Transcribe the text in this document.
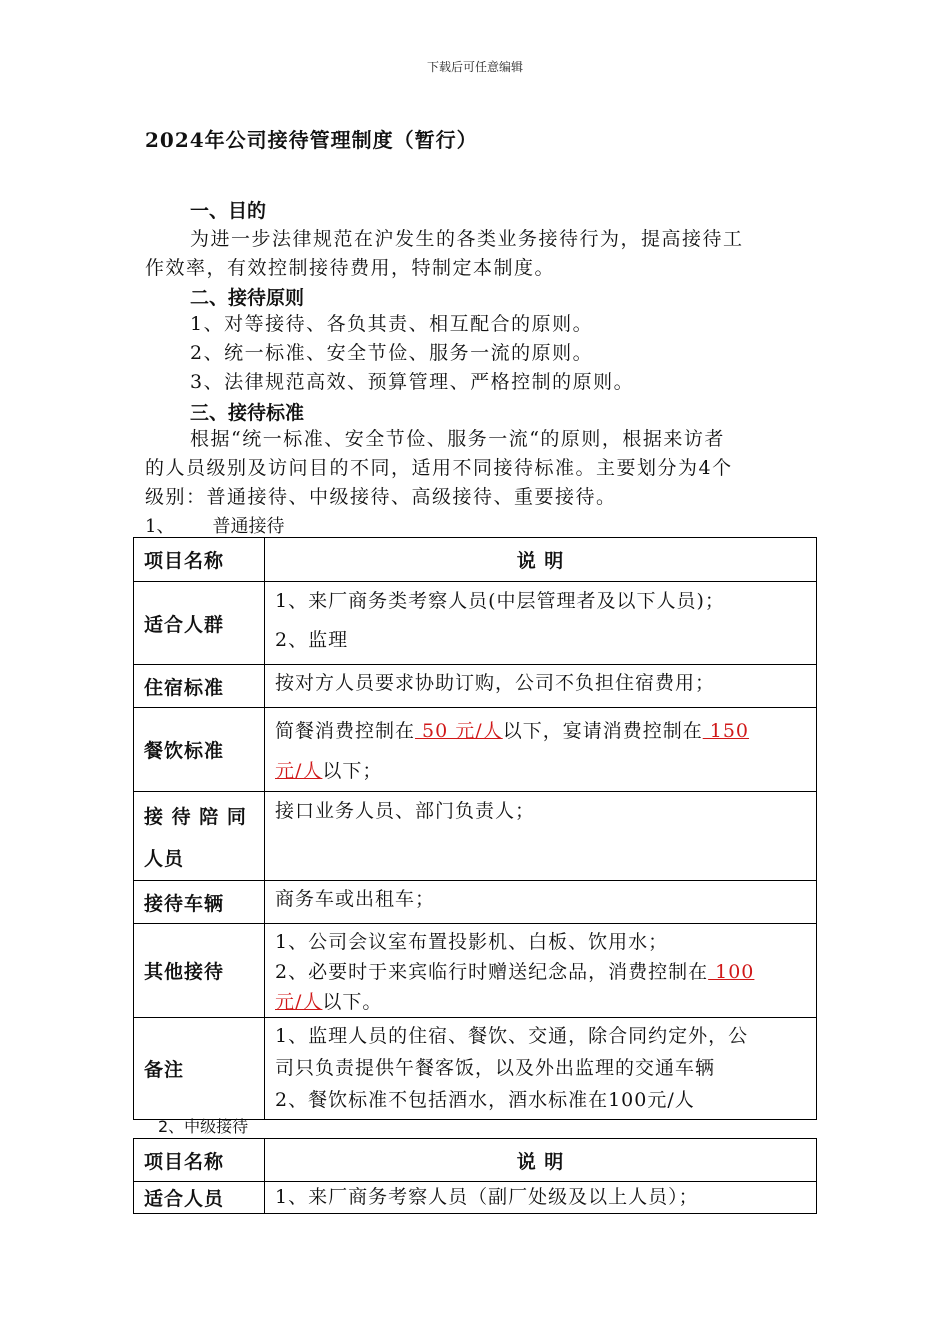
下载后可任意编辑
2024年公司接待管理制度（暂行）
一、目的
为进一步法律规范在沪发生的各类业务接待行为，提高接待工
作效率，有效控制接待费用，特制定本制度。
二、接待原则
1、对等接待、各负其责、相互配合的原则。
2、统一标准、安全节俭、服务一流的原则。
3、法律规范高效、预算管理、严格控制的原则。
三、接待标准
根据“统一标准、安全节俭、服务一流“的原则，根据来访者
的人员级别及访问目的不同，适用不同接待标准。主要划分为4个
级别：普通接待、中级接待、高级接待、重要接待。
1、 普通接待
项目名称	说 明
适合人群	1、来厂商务类考察人员(中层管理者及以下人员)；
2、监理

住宿标准	按对方人员要求协助订购，公司不负担住宿费用；
餐饮标准	简餐消费控制在 50 元/人以下，宴请消费控制在 150
元/人以下；

接 待 陪 同
人员	接口业务人员、部门负责人；
接待车辆	商务车或出租车；
其他接待	1、公司会议室布置投影机、白板、饮用水；
2、必要时于来宾临行时赠送纪念品，消费控制在 100
元/人以下。

备注	1、监理人员的住宿、餐饮、交通，除合同约定外，公
司只负责提供午餐客饭，以及外出监理的交通车辆
2、餐饮标准不包括酒水，酒水标准在100元/人
2、中级接待
项目名称	说 明
适合人员	1、来厂商务考察人员（副厂处级及以上人员）；
